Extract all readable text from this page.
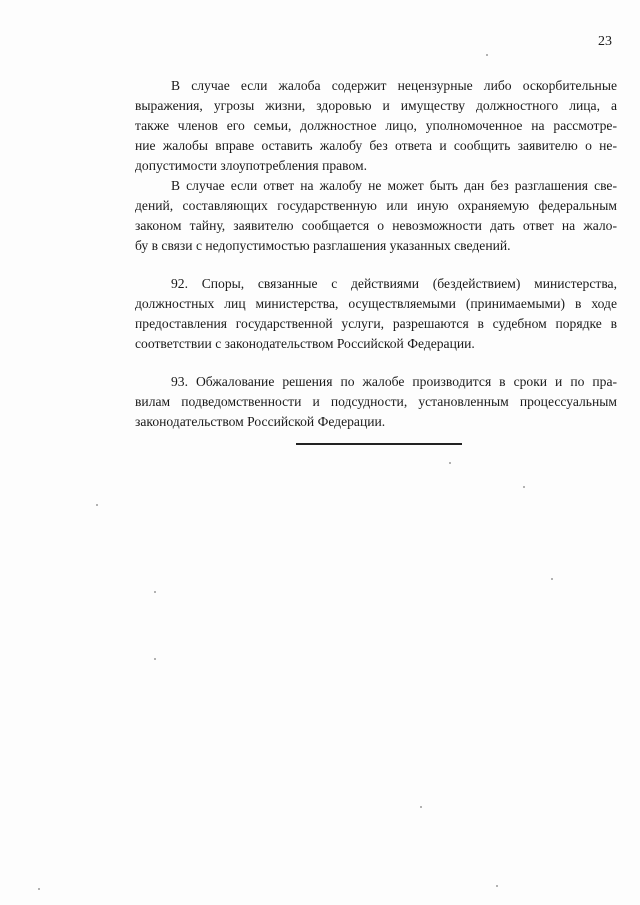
23
В случае если жалоба содержит нецензурные либо оскорбительные
выражения, угрозы жизни, здоровью и имуществу должностного лица, а
также членов его семьи, должностное лицо, уполномоченное на рассмотре-
ние жалобы вправе оставить жалобу без ответа и сообщить заявителю о не-
допустимости злоупотребления правом.
В случае если ответ на жалобу не может быть дан без разглашения све-
дений, составляющих государственную или иную охраняемую федеральным
законом тайну, заявителю сообщается о невозможности дать ответ на жало-
бу в связи с недопустимостью разглашения указанных сведений.
92. Споры, связанные с действиями (бездействием) министерства,
должностных лиц министерства, осуществляемыми (принимаемыми) в ходе
предоставления государственной услуги, разрешаются в судебном порядке в
соответствии с законодательством Российской Федерации.
93. Обжалование решения по жалобе производится в сроки и по пра-
вилам подведомственности и подсудности, установленным процессуальным
законодательством Российской Федерации.
